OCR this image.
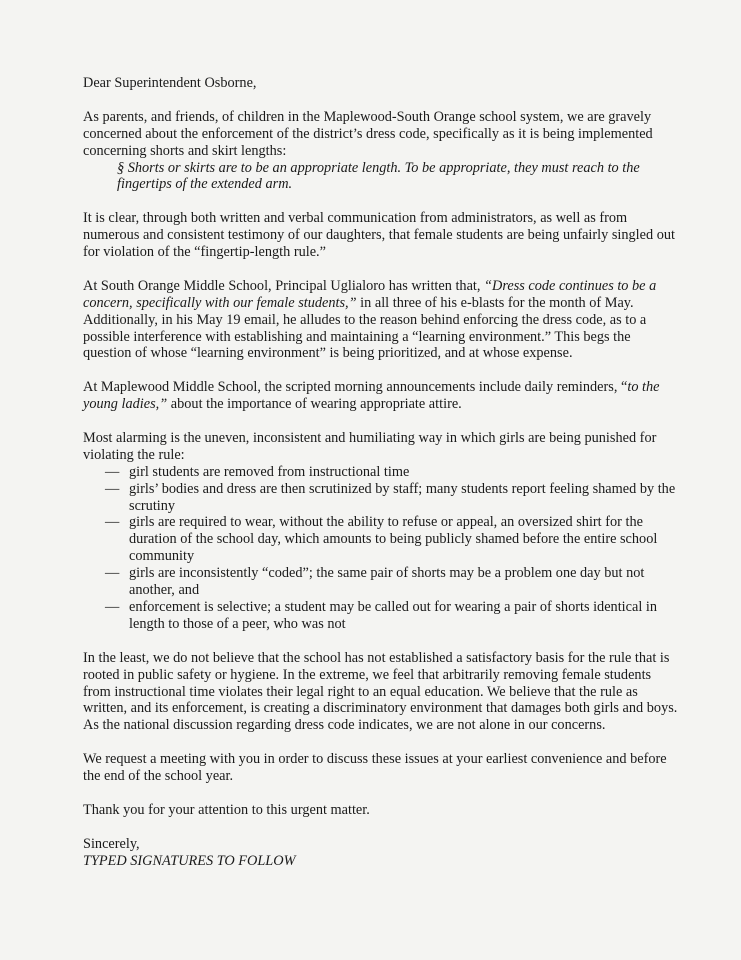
Dear Superintendent Osborne,

As parents, and friends, of children in the Maplewood-South Orange school system, we are gravely concerned about the enforcement of the district’s dress code, specifically as it is being implemented concerning shorts and skirt lengths:

§ Shorts or skirts are to be an appropriate length. To be appropriate, they must reach to the fingertips of the extended arm.

It is clear, through both written and verbal communication from administrators, as well as from numerous and consistent testimony of our daughters, that female students are being unfairly singled out for violation of the “fingertip-length rule.”

At South Orange Middle School, Principal Uglialoro has written that, “Dress code continues to be a concern, specifically with our female students,” in all three of his e-blasts for the month of May. Additionally, in his May 19 email, he alludes to the reason behind enforcing the dress code, as to a possible interference with establishing and maintaining a “learning environment.” This begs the question of whose “learning environment” is being prioritized, and at whose expense.

At Maplewood Middle School, the scripted morning announcements include daily reminders, “to the young ladies,” about the importance of wearing appropriate attire.

Most alarming is the uneven, inconsistent and humiliating way in which girls are being punished for violating the rule:

— girl students are removed from instructional time
— girls’ bodies and dress are then scrutinized by staff; many students report feeling shamed by the scrutiny
— girls are required to wear, without the ability to refuse or appeal, an oversized shirt for the duration of the school day, which amounts to being publicly shamed before the entire school community
— girls are inconsistently “coded”; the same pair of shorts may be a problem one day but not another, and
— enforcement is selective; a student may be called out for wearing a pair of shorts identical in length to those of a peer, who was not

In the least, we do not believe that the school has not established a satisfactory basis for the rule that is rooted in public safety or hygiene. In the extreme, we feel that arbitrarily removing female students from instructional time violates their legal right to an equal education. We believe that the rule as written, and its enforcement, is creating a discriminatory environment that damages both girls and boys. As the national discussion regarding dress code indicates, we are not alone in our concerns.

We request a meeting with you in order to discuss these issues at your earliest convenience and before the end of the school year.

Thank you for your attention to this urgent matter.

Sincerely,

TYPED SIGNATURES TO FOLLOW
